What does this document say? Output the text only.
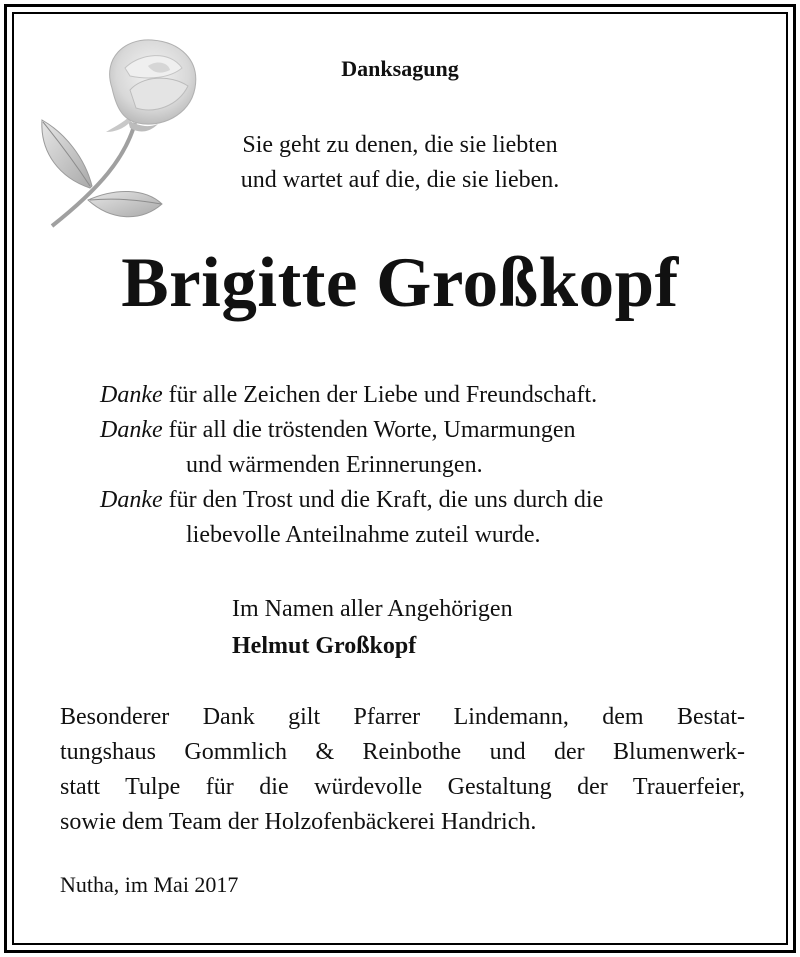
Danksagung
Sie geht zu denen, die sie liebten
und wartet auf die, die sie lieben.
Brigitte Großkopf
Danke für alle Zeichen der Liebe und Freundschaft.
Danke für all die tröstenden Worte, Umarmungen
und wärmenden Erinnerungen.
Danke für den Trost und die Kraft, die uns durch die
liebevolle Anteilnahme zuteil wurde.
Im Namen aller Angehörigen
Helmut Großkopf
Besonderer Dank gilt Pfarrer Lindemann, dem Bestat-
tungshaus Gommlich & Reinbothe und der Blumenwerk-
statt Tulpe für die würdevolle Gestaltung der Trauerfeier,
sowie dem Team der Holzofenbäckerei Handrich.
Nutha, im Mai 2017
